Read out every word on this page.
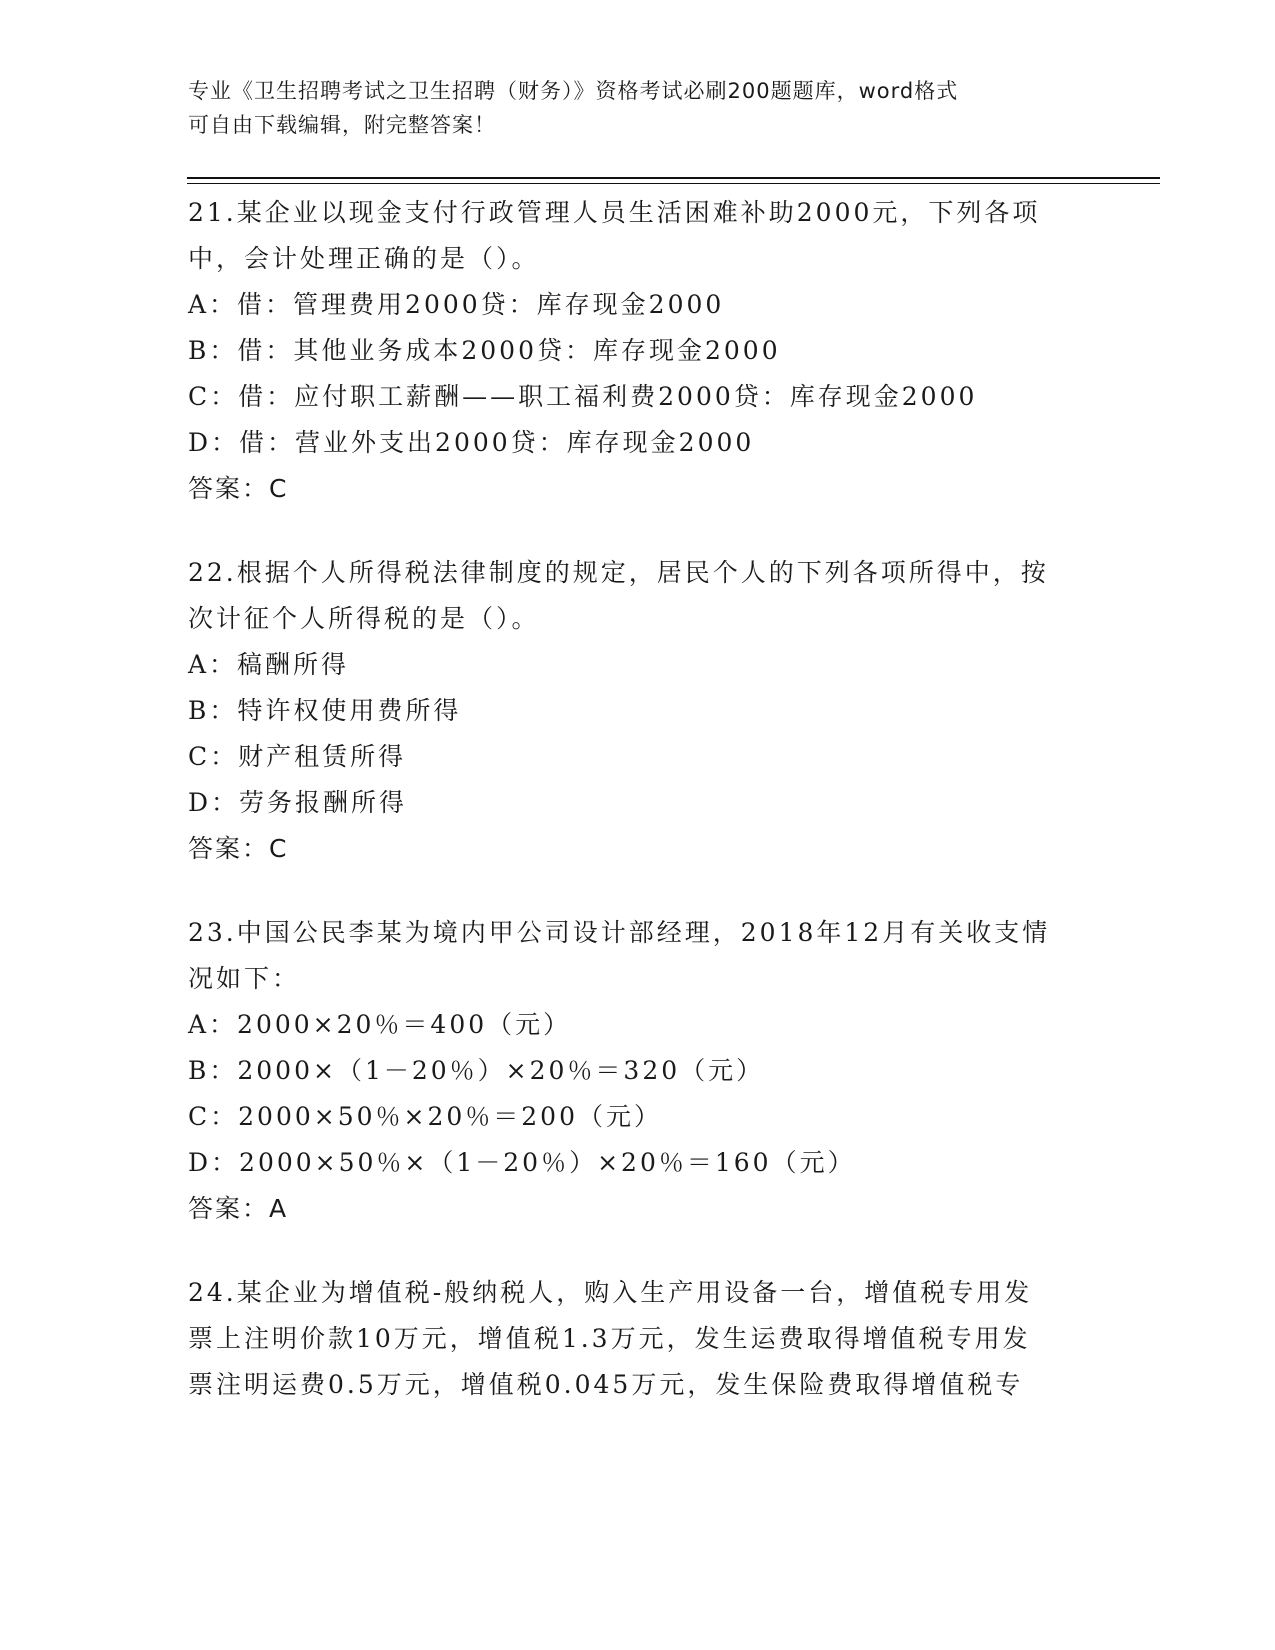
专业《卫生招聘考试之卫生招聘（财务）》资格考试必刷200题题库，word格式
可自由下载编辑，附完整答案！

21.某企业以现金支付行政管理人员生活困难补助2000元，下列各项

中，会计处理正确的是（）。

A：借：管理费用2000贷：库存现金2000

B：借：其他业务成本2000贷：库存现金2000

C：借：应付职工薪酬——职工福利费2000贷：库存现金2000

D：借：营业外支出2000贷：库存现金2000

答案：C

22.根据个人所得税法律制度的规定，居民个人的下列各项所得中，按

次计征个人所得税的是（）。

A：稿酬所得

B：特许权使用费所得

C：财产租赁所得

D：劳务报酬所得

答案：C

23.中国公民李某为境内甲公司设计部经理，2018年12月有关收支情

况如下：

A：2000×20％＝400（元）

B：2000×（1－20％）×20％＝320（元）

C：2000×50％×20％＝200（元）

D：2000×50％×（1－20％）×20％＝160（元）

答案：A

24.某企业为增值税-般纳税人，购入生产用设备一台，增值税专用发

票上注明价款10万元，增值税1.3万元，发生运费取得增值税专用发

票注明运费0.5万元，增值税0.045万元，发生保险费取得增值税专
